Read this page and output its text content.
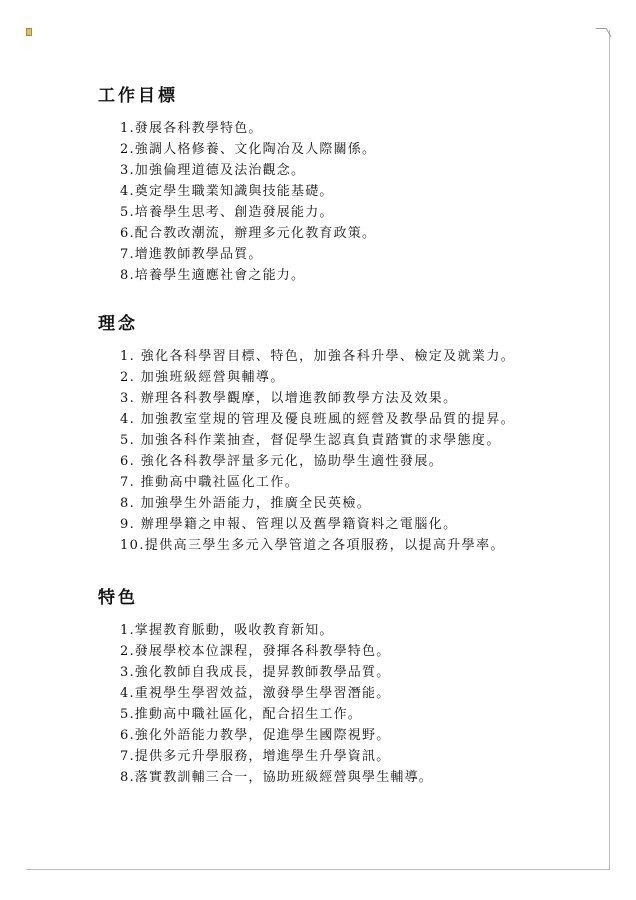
工作目標
1.發展各科教學特色。
2.強調人格修養、文化陶冶及人際關係。
3.加強倫理道德及法治觀念。
4.奠定學生職業知識與技能基礎。
5.培養學生思考、創造發展能力。
6.配合教改潮流，辦理多元化教育政策。
7.增進教師教學品質。
8.培養學生適應社會之能力。
理念
1. 強化各科學習目標、特色，加強各科升學、檢定及就業力。
2. 加強班級經營與輔導。
3. 辦理各科教學觀摩，以增進教師教學方法及效果。
4. 加強教室堂規的管理及優良班風的經營及教學品質的提昇。
5. 加強各科作業抽查，督促學生認真負責踏實的求學態度。
6. 強化各科教學評量多元化，協助學生適性發展。
7. 推動高中職社區化工作。
8. 加強學生外語能力，推廣全民英檢。
9. 辦理學籍之申報、管理以及舊學籍資料之電腦化。
10.提供高三學生多元入學管道之各項服務，以提高升學率。
特色
1.掌握教育脈動，吸收教育新知。
2.發展學校本位課程，發揮各科教學特色。
3.強化教師自我成長，提昇教師教學品質。
4.重視學生學習效益，激發學生學習潛能。
5.推動高中職社區化，配合招生工作。
6.強化外語能力教學，促進學生國際視野。
7.提供多元升學服務，增進學生升學資訊。
8.落實教訓輔三合一，協助班級經營與學生輔導。
